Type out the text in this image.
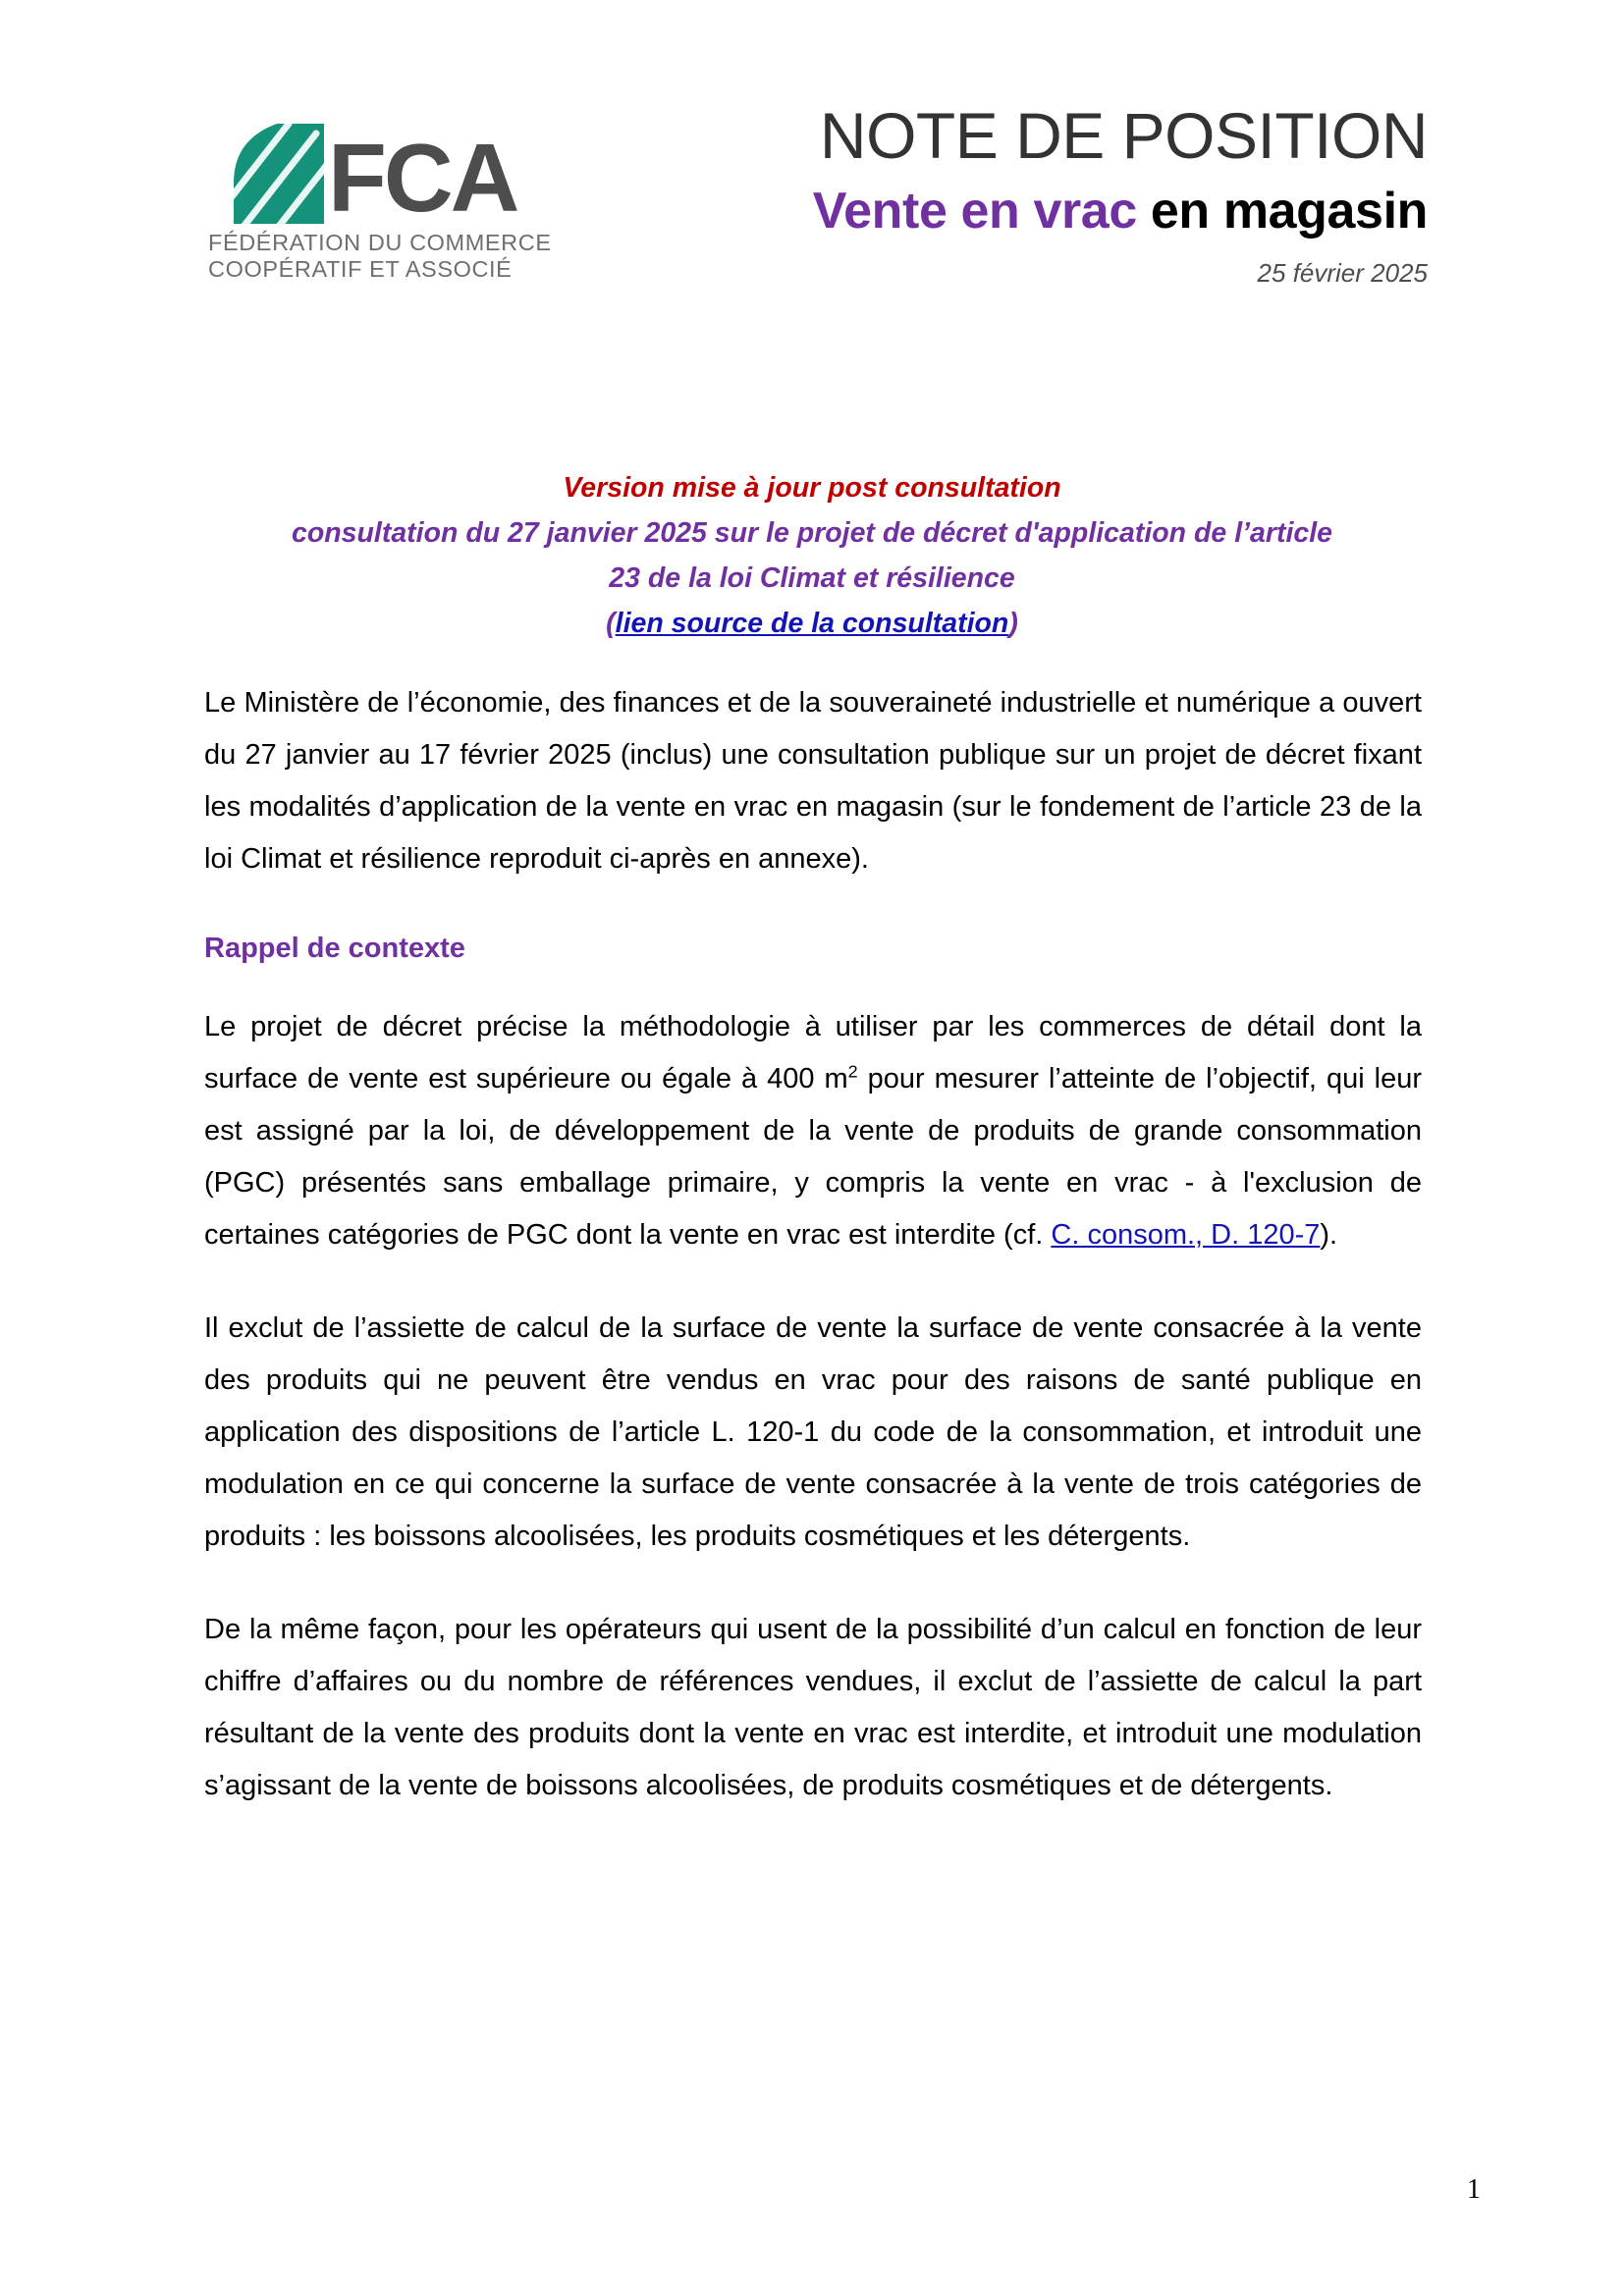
FCA
FÉDÉRATION DU COMMERCE
COOPÉRATIF ET ASSOCIÉ
NOTE DE POSITION
Vente en vrac en magasin
25 février 2025

Version mise à jour post consultation

consultation du 27 janvier 2025 sur le projet de décret d'application de l’article

23 de la loi Climat et résilience

(lien source de la consultation)

Le Ministère de l’économie, des finances et de la souveraineté industrielle et numérique a ouvert du 27 janvier au 17 février 2025 (inclus) une consultation publique sur un projet de décret fixant les modalités d’application de la vente en vrac en magasin (sur le fondement de l’article 23 de la loi Climat et résilience reproduit ci-après en annexe).

Rappel de contexte

Le projet de décret précise la méthodologie à utiliser par les commerces de détail dont la surface de vente est supérieure ou égale à 400 $m^2$ pour mesurer l’atteinte de l’objectif, qui leur est assigné par la loi, de développement de la vente de produits de grande consommation (PGC) présentés sans emballage primaire, y compris la vente en vrac - à l'exclusion de certaines catégories de PGC dont la vente en vrac est interdite (cf. C. consom., D. 120-7).

Il exclut de l’assiette de calcul de la surface de vente la surface de vente consacrée à la vente des produits qui ne peuvent être vendus en vrac pour des raisons de santé publique en application des dispositions de l’article L. 120-1 du code de la consommation, et introduit une modulation en ce qui concerne la surface de vente consacrée à la vente de trois catégories de produits : les boissons alcoolisées, les produits cosmétiques et les détergents.

De la même façon, pour les opérateurs qui usent de la possibilité d’un calcul en fonction de leur chiffre d’affaires ou du nombre de références vendues, il exclut de l’assiette de calcul la part résultant de la vente des produits dont la vente en vrac est interdite, et introduit une modulation s’agissant de la vente de boissons alcoolisées, de produits cosmétiques et de détergents.

1
